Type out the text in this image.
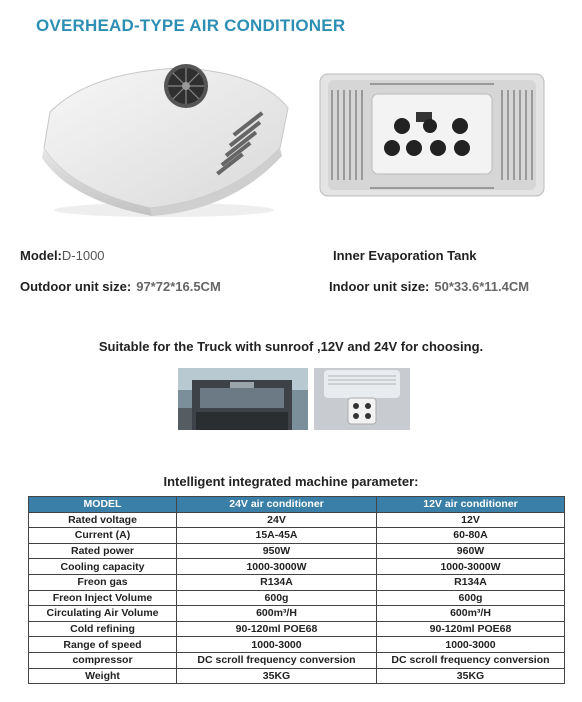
OVERHEAD-TYPE AIR CONDITIONER
Model:D-1000	Inner Evaporation Tank
Outdoor unit size: 97*72*16.5CM	Indoor unit size: 50*33.6*11.4CM
Suitable for the Truck with sunroof ,12V and 24V for choosing.
Intelligent integrated machine parameter:
MODEL	24V air conditioner	12V air conditioner
Rated voltage	24V	12V
Current (A)	15A-45A	60-80A
Rated power	950W	960W
Cooling capacity	1000-3000W	1000-3000W
Freon gas	R134A	R134A
Freon Inject Volume	600g	600g
Circulating Air Volume	600m³/H	600m³/H
Cold refining	90-120ml POE68	90-120ml POE68
Range of speed	1000-3000	1000-3000
compressor	DC scroll frequency conversion	DC scroll frequency conversion
Weight	35KG	35KG
